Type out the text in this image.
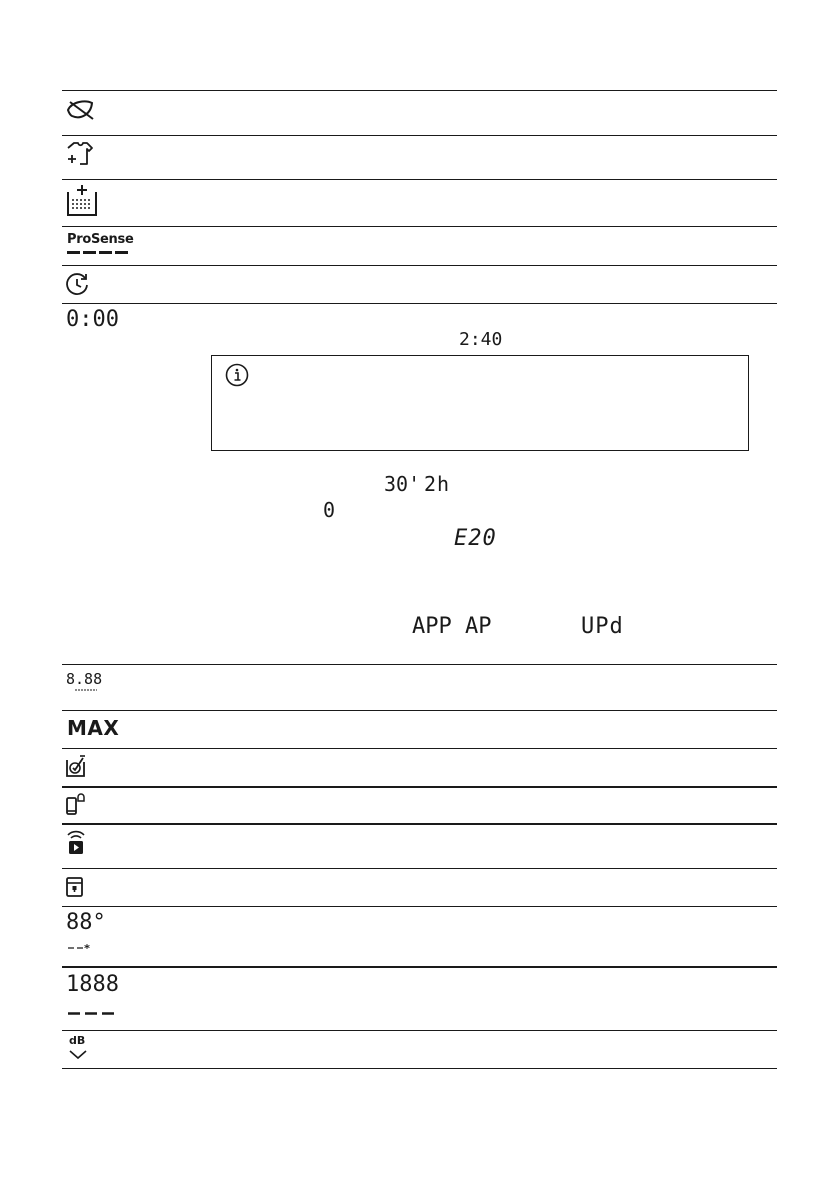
ProSense
0:00
2:40
30' 2h
0
E20
APP AP	UPd
8.88
MAX
88°
1888
dB
